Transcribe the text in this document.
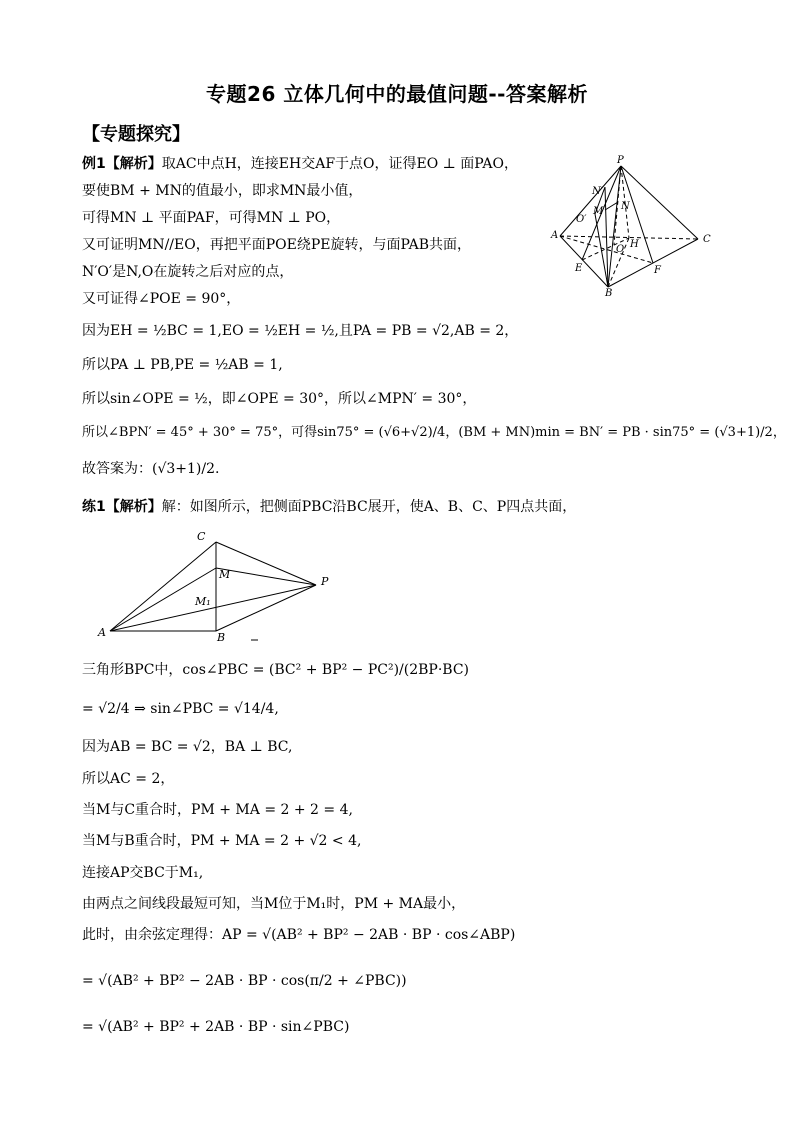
专题26 立体几何中的最值问题--答案解析
【专题探究】
例1【解析】取AC中点H，连接EH交AF于点O，证得EO ⊥ 面PAO，
要使BM + MN的值最小，即求MN最小值，
可得MN ⊥ 平面PAF，可得MN ⊥ PO，
又可证明MN//EO，再把平面POE绕PE旋转，与面PAB共面，
N′O′是N,O在旋转之后对应的点，
又可证得∠POE = 90°，
因为EH = ½BC = 1,EO = ½EH = ½,且PA = PB = √2,AB = 2，
所以PA ⊥ PB,PE = ½AB = 1,
所以sin∠OPE = ½，即∠OPE = 30°，所以∠MPN′ = 30°，
所以∠BPN′ = 45° + 30° = 75°，可得sin75° = (√6+√2)/4，(BM + MN)min = BN′ = PB · sin75° = (√3+1)/2，
故答案为：(√3+1)/2.
P
N′
M
O′
N
A
O H	C
E	F
B
练1【解析】解：如图所示，把侧面PBC沿BC展开，使A、B、C、P四点共面，
C
M
M₁
P
A	B
三角形BPC中，cos∠PBC = (BC² + BP² − PC²)/(2BP·BC)
= √2/4 ⇒ sin∠PBC = √14/4,
因为AB = BC = √2，BA ⊥ BC,
所以AC = 2，
当M与C重合时，PM + MA = 2 + 2 = 4,
当M与B重合时，PM + MA = 2 + √2 < 4,
连接AP交BC于M₁,
由两点之间线段最短可知，当M位于M₁时，PM + MA最小，
此时，由余弦定理得：AP = √(AB² + BP² − 2AB · BP · cos∠ABP)
= √(AB² + BP² − 2AB · BP · cos(π/2 + ∠PBC))
= √(AB² + BP² + 2AB · BP · sin∠PBC)
